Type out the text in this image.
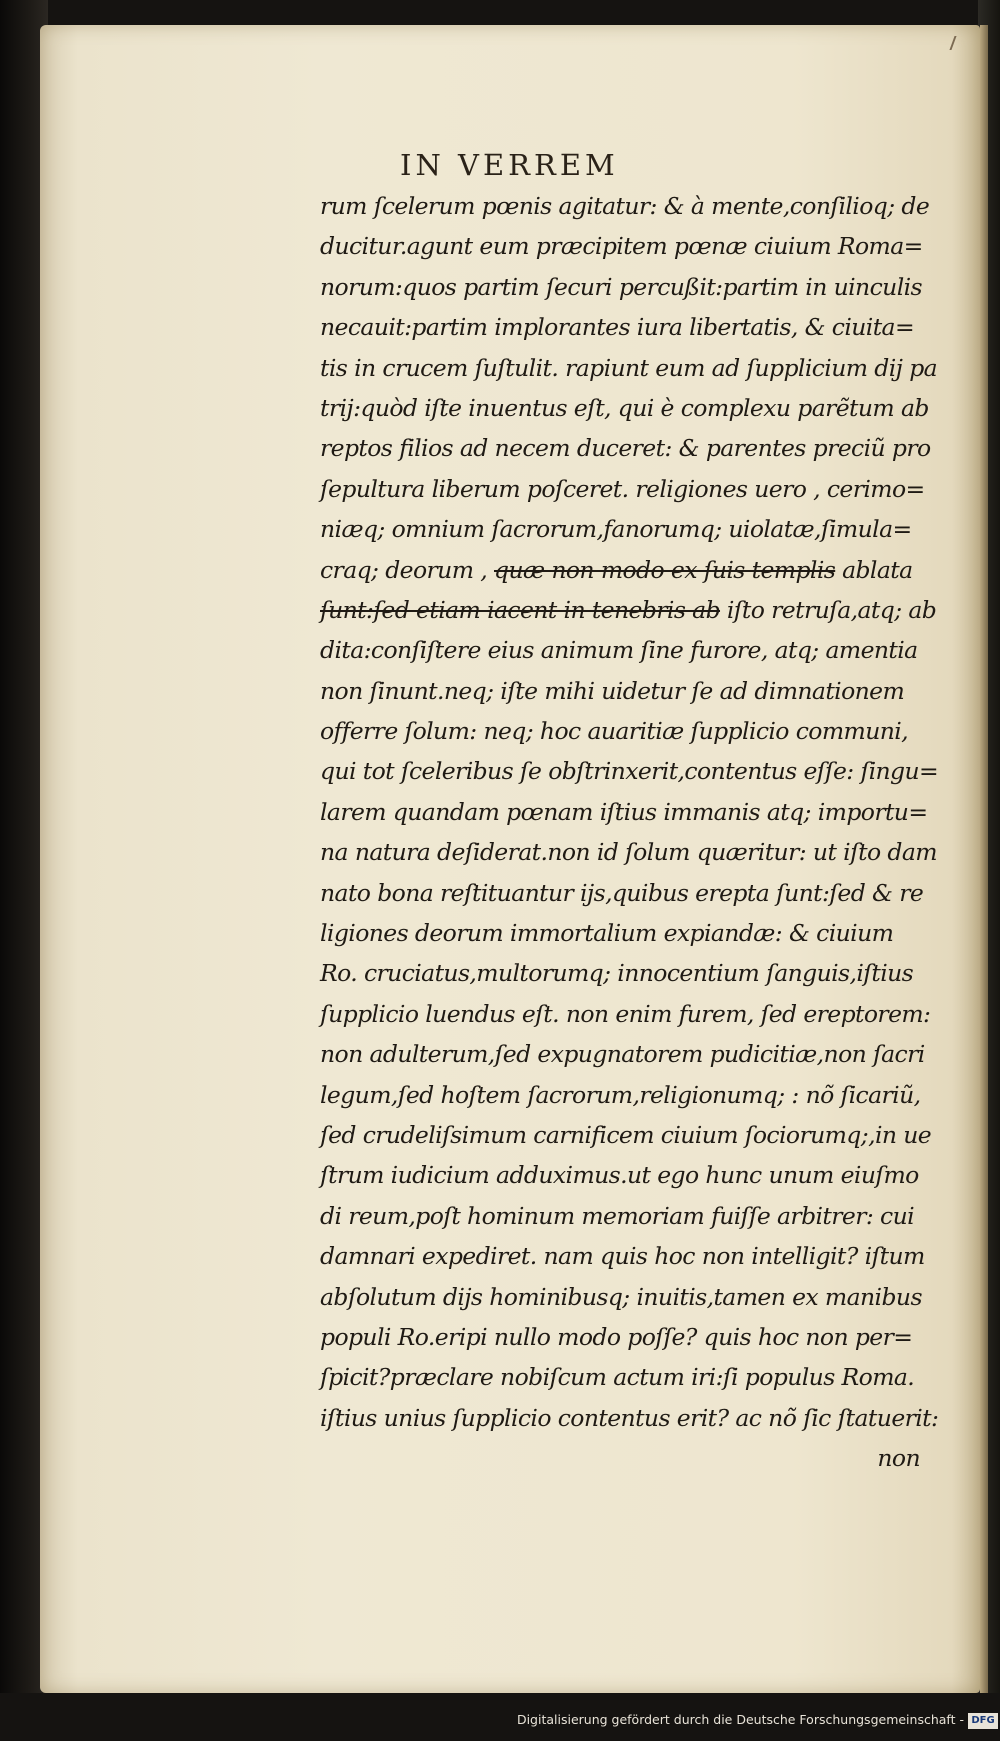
IN VERREM
rum ſcelerum pœnis agitatur: & à mente,conſilioq; de
ducitur.agunt eum præcipitem pœnæ ciuium Roma=
norum:quos partim ſecuri percußit:partim in uinculis
necauit:partim implorantes iura libertatis, & ciuita=
tis in crucem ſuſtulit. rapiunt eum ad ſupplicium dij pa
trij:quòd iſte inuentus eſt, qui è complexu parẽtum ab
reptos filios ad necem duceret: & parentes preciũ pro
ſepultura liberum poſceret. religiones uero , cerimo=
niæq; omnium ſacrorum,fanorumq; uiolatæ,ſimula=
craq; deorum , quæ non modo ex ſuis templis ablata
ſunt:ſed etiam iacent in tenebris ab iſto retruſa,atq; ab
dita:conſiſtere eius animum ſine furore, atq; amentia
non ſinunt.neq; iſte mihi uidetur ſe ad dimnationem
offerre ſolum: neq; hoc auaritiæ ſupplicio communi,
qui tot ſceleribus ſe obſtrinxerit,contentus eſſe: ſingu=
larem quandam pœnam iſtius immanis atq; importu=
na natura deſiderat.non id ſolum quæritur: ut iſto dam
nato bona reſtituantur ijs,quibus erepta ſunt:ſed & re
ligiones deorum immortalium expiandæ: & ciuium
Ro. cruciatus,multorumq; innocentium ſanguis,iſtius
ſupplicio luendus eſt. non enim furem, ſed ereptorem:
non adulterum,ſed expugnatorem pudicitiæ,non ſacri
legum,ſed hoſtem ſacrorum,religionumq; : nõ ſicariũ,
ſed crudeliſsimum carnificem ciuium ſociorumq;,in ue
ſtrum iudicium adduximus.ut ego hunc unum eiuſmo
di reum,poſt hominum memoriam fuiſſe arbitrer: cui
damnari expediret. nam quis hoc non intelligit? iſtum
abſolutum dijs hominibusq; inuitis,tamen ex manibus
populi Ro.eripi nullo modo poſſe? quis hoc non per=
ſpicit?præclare nobiſcum actum iri:ſi populus Roma.
iſtius unius ſupplicio contentus erit? ac nõ ſic ſtatuerit:
non
Digitalisierung gefördert durch die Deutsche Forschungsgemeinschaft - DFG
